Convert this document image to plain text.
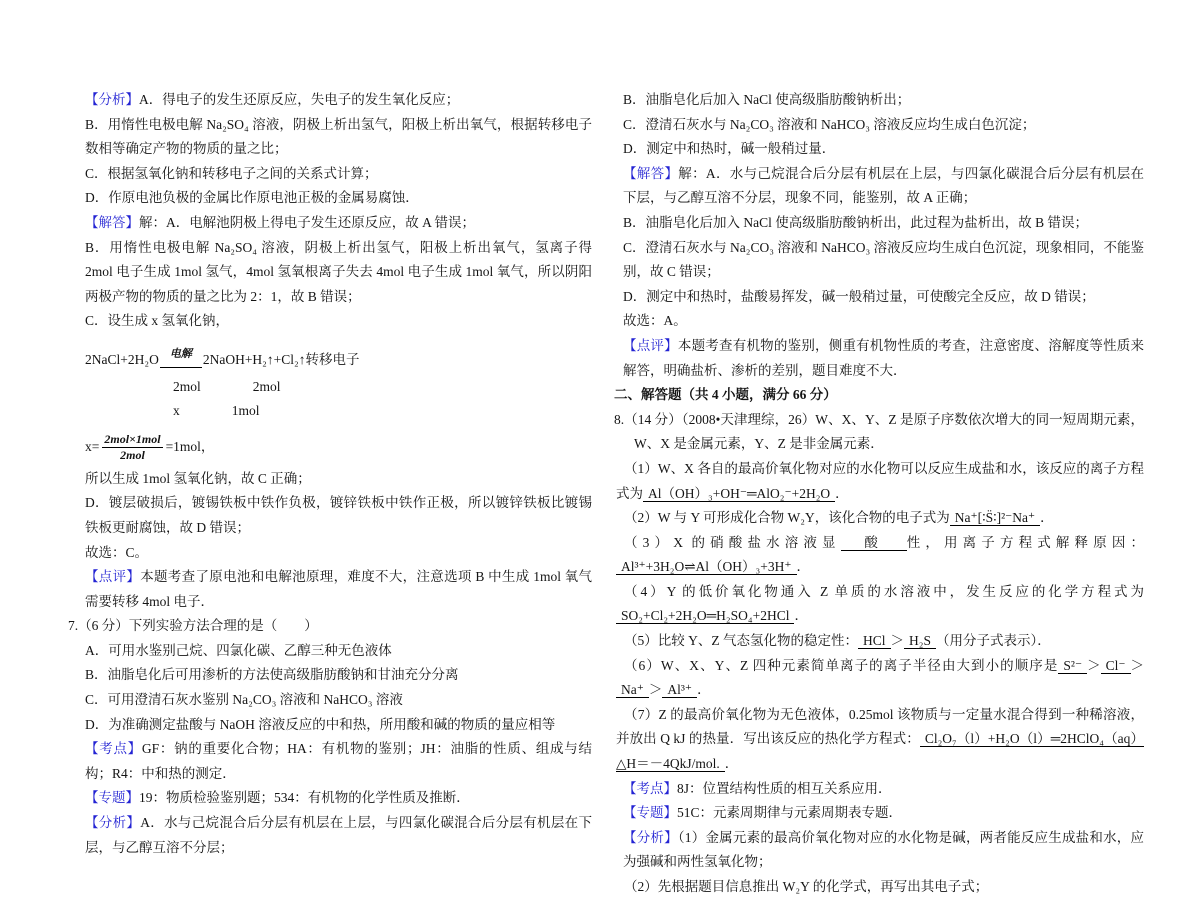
【分析】A．得电子的发生还原反应，失电子的发生氧化反应；
B．用惰性电极电解 Na₂SO₄ 溶液，阴极上析出氢气，阳极上析出氧气，根据转移电子数相等确定产物的物质的量之比；
C．根据氢氧化钠和转移电子之间的关系式计算；
D．作原电池负极的金属比作原电池正极的金属易腐蚀．
【解答】解：A．电解池阴极上得电子发生还原反应，故 A 错误；
B．用惰性电极电解 Na₂SO₄ 溶液，阴极上析出氢气，阳极上析出氧气，氢离子得 2mol 电子生成 1mol 氢气，4mol 氢氧根离子失去 4mol 电子生成 1mol 氧气，所以阴阳两极产物的物质的量之比为 2：1，故 B 错误；
C．设生成 x 氢氧化钠，
2NaCl+2H₂O 电解 2NaOH+H₂↑+Cl₂↑转移电子
2mol	2mol
x	1mol
$x= \frac{\text{2mol×1mol}}{\text{2mol}} =1mol$，
所以生成 1mol 氢氧化钠，故 C 正确；
D．镀层破损后，镀锡铁板中铁作负极，镀锌铁板中铁作正极，所以镀锌铁板比镀锡铁板更耐腐蚀，故 D 错误；
故选：C。
【点评】本题考查了原电池和电解池原理，难度不大，注意选项 B 中生成 1mol 氧气需要转移 4mol 电子．
7.（6 分）下列实验方法合理的是（　　）
A．可用水鉴别己烷、四氯化碳、乙醇三种无色液体
B．油脂皂化后可用渗析的方法使高级脂肪酸钠和甘油充分分离
C．可用澄清石灰水鉴别 Na₂CO₃ 溶液和 NaHCO₃ 溶液
D．为准确测定盐酸与 NaOH 溶液反应的中和热，所用酸和碱的物质的量应相等
【考点】GF：钠的重要化合物；HA：有机物的鉴别；JH：油脂的性质、组成与结构；R4：中和热的测定．
【专题】19：物质检验鉴别题；534：有机物的化学性质及推断．
【分析】A．水与己烷混合后分层有机层在上层，与四氯化碳混合后分层有机层在下层，与乙醇互溶不分层；
B．油脂皂化后加入 NaCl 使高级脂肪酸钠析出；
C．澄清石灰水与 Na₂CO₃ 溶液和 NaHCO₃ 溶液反应均生成白色沉淀；
D．测定中和热时，碱一般稍过量．
【解答】解：A．水与己烷混合后分层有机层在上层，与四氯化碳混合后分层有机层在下层，与乙醇互溶不分层，现象不同，能鉴别，故 A 正确；
B．油脂皂化后加入 NaCl 使高级脂肪酸钠析出，此过程为盐析出，故 B 错误；
C．澄清石灰水与 Na₂CO₃ 溶液和 NaHCO₃ 溶液反应均生成白色沉淀，现象相同，不能鉴别，故 C 错误；
D．测定中和热时，盐酸易挥发，碱一般稍过量，可使酸完全反应，故 D 错误；
故选：A。
【点评】本题考查有机物的鉴别，侧重有机物性质的考查，注意密度、溶解度等性质来解答，明确盐析、渗析的差别，题目难度不大．
二、解答题（共 4 小题，满分 66 分）
8.（14 分）（2008•天津理综，26）W、X、Y、Z 是原子序数依次增大的同一短周期元素，W、X 是金属元素，Y、Z 是非金属元素．
（1）W、X 各自的最高价氧化物对应的水化物可以反应生成盐和水，该反应的离子方程式为 Al（OH）₃+OH⁻═AlO₂⁻+2H₂O ．
（2）W 与 Y 可形成化合物 W₂Y，该化合物的电子式为 Na⁺[∶S̈∶]²⁻Na⁺ ．
（3）X 的硝酸盐水溶液显　酸　性，用离子方程式解释原因：Al³⁺+3H₂O⇌Al（OH）₃+3H⁺ ．
（4）Y 的低价氧化物通入 Z 单质的水溶液中，发生反应的化学方程式为SO₂+Cl₂+2H₂O═H₂SO₄+2HCl ．
（5）比较 Y、Z 气态氢化物的稳定性： HCl ＞ H₂S （用分子式表示）．
（6）W、X、Y、Z 四种元素简单离子的离子半径由大到小的顺序是 S²⁻ ＞ Cl⁻ ＞Na⁺ ＞ Al³⁺ ．
（7）Z 的最高价氧化物为无色液体，0.25mol 该物质与一定量水混合得到一种稀溶液，并放出 Q kJ 的热量．写出该反应的热化学方程式： Cl₂O₇（l）+H₂O（l）═2HClO₄（aq）△H＝－4QkJ/mol. ．
【考点】8J：位置结构性质的相互关系应用．
【专题】51C：元素周期律与元素周期表专题．
【分析】（1）金属元素的最高价氧化物对应的水化物是碱，两者能反应生成盐和水，应为强碱和两性氢氧化物；
（2）先根据题目信息推出 W₂Y 的化学式，再写出其电子式；
